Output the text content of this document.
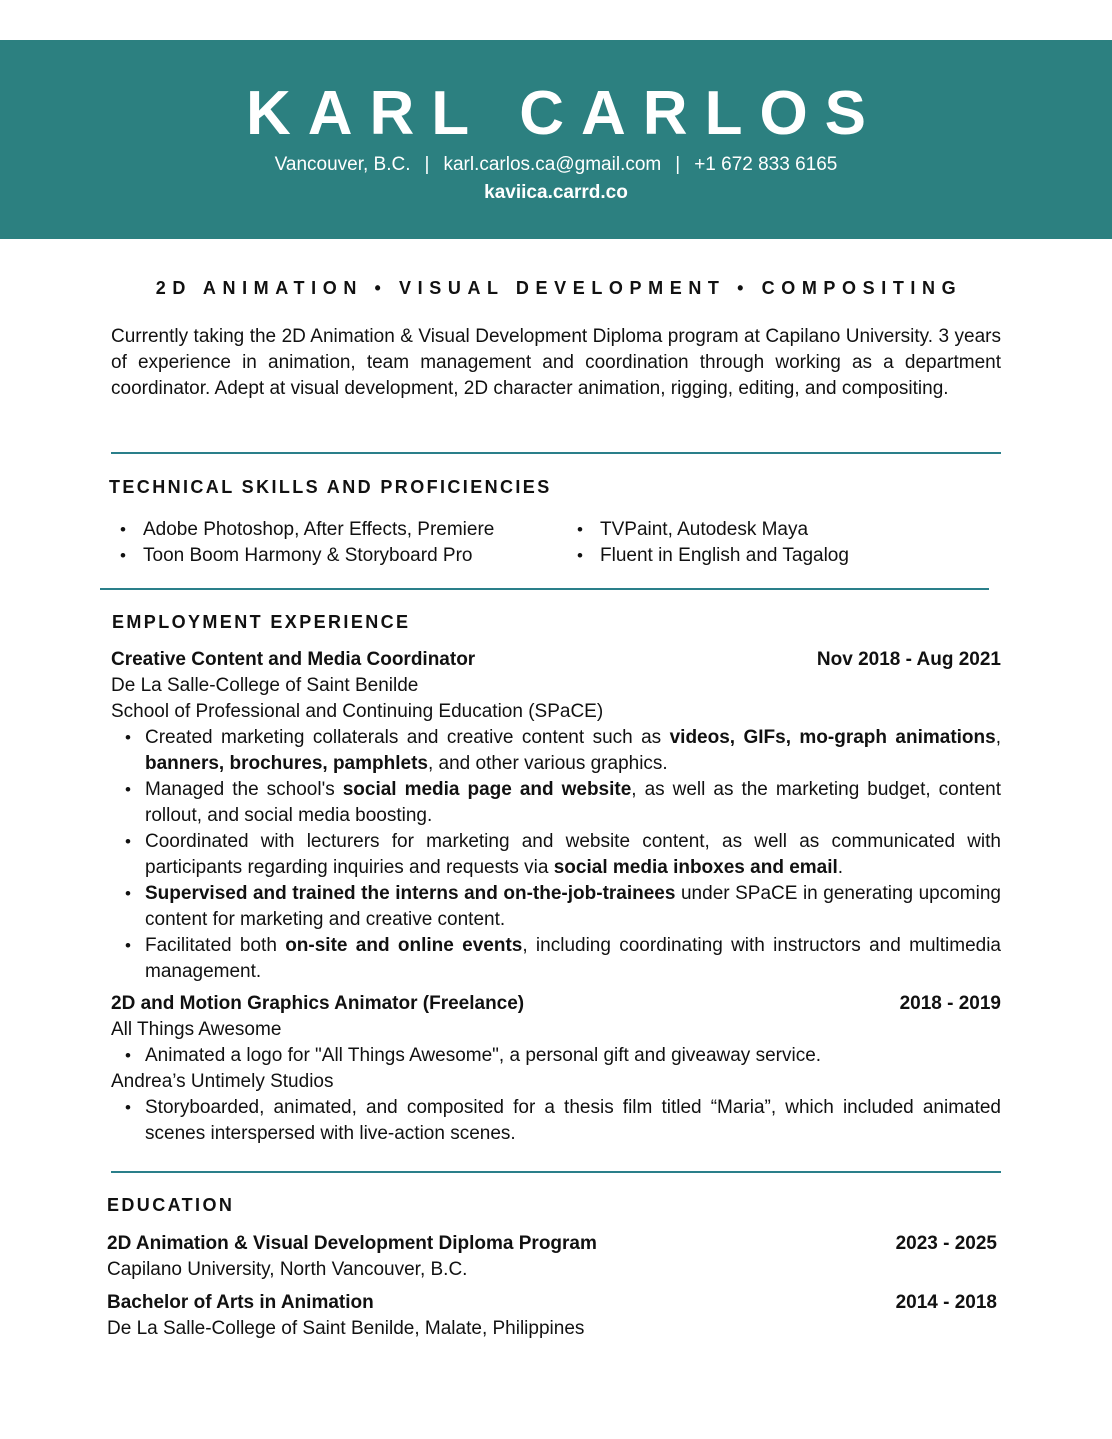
KARL CARLOS
Vancouver, B.C. | karl.carlos.ca@gmail.com | +1 672 833 6165
kaviica.carrd.co
2D ANIMATION • VISUAL DEVELOPMENT • COMPOSITING
Currently taking the 2D Animation & Visual Development Diploma program at Capilano University. 3 years of experience in animation, team management and coordination through working as a department coordinator. Adept at visual development, 2D character animation, rigging, editing, and compositing.
TECHNICAL SKILLS AND PROFICIENCIES
• Adobe Photoshop, After Effects, Premiere	• TVPaint, Autodesk Maya
• Toon Boom Harmony & Storyboard Pro	• Fluent in English and Tagalog
EMPLOYMENT EXPERIENCE
Creative Content and Media Coordinator	Nov 2018 - Aug 2021
De La Salle-College of Saint Benilde
School of Professional and Continuing Education (SPaCE)
• Created marketing collaterals and creative content such as videos, GIFs, mo-graph animations, banners, brochures, pamphlets, and other various graphics.
• Managed the school's social media page and website, as well as the marketing budget, content rollout, and social media boosting.
• Coordinated with lecturers for marketing and website content, as well as communicated with participants regarding inquiries and requests via social media inboxes and email.
• Supervised and trained the interns and on-the-job-trainees under SPaCE in generating upcoming content for marketing and creative content.
• Facilitated both on-site and online events, including coordinating with instructors and multimedia management.
2D and Motion Graphics Animator (Freelance)	2018 - 2019
All Things Awesome
• Animated a logo for "All Things Awesome", a personal gift and giveaway service.
Andrea’s Untimely Studios
• Storyboarded, animated, and composited for a thesis film titled “Maria”, which included animated scenes interspersed with live-action scenes.
EDUCATION
2D Animation & Visual Development Diploma Program	2023 - 2025
Capilano University, North Vancouver, B.C.
Bachelor of Arts in Animation	2014 - 2018
De La Salle-College of Saint Benilde, Malate, Philippines
